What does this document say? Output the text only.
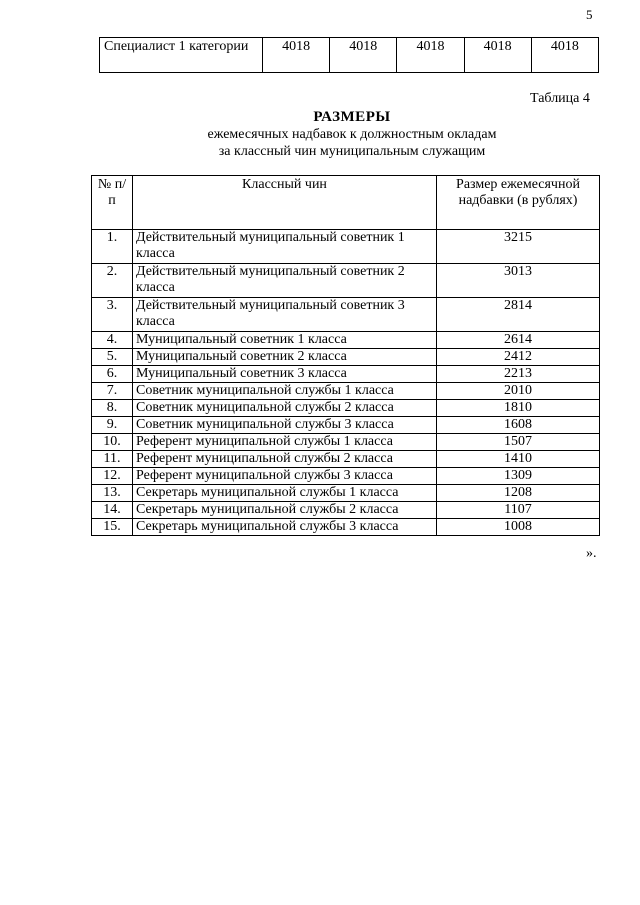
5
Специалист 1 категории	4018	4018	4018	4018	4018
Таблица 4
РАЗМЕРЫ
ежемесячных надбавок к должностным окладам
за классный чин муниципальным служащим
№ п/п	Классный чин	Размер ежемесячной надбавки (в рублях)
1.	Действительный муниципальный советник 1 класса	3215
2.	Действительный муниципальный советник 2 класса	3013
3.	Действительный муниципальный советник 3 класса	2814
4.	Муниципальный советник 1 класса	2614
5.	Муниципальный советник 2 класса	2412
6.	Муниципальный советник 3 класса	2213
7.	Советник муниципальной службы 1 класса	2010
8.	Советник муниципальной службы 2 класса	1810
9.	Советник муниципальной службы 3 класса	1608
10.	Референт муниципальной службы 1 класса	1507
11.	Референт муниципальной службы 2 класса	1410
12.	Референт муниципальной службы 3 класса	1309
13.	Секретарь муниципальной службы 1 класса	1208
14.	Секретарь муниципальной службы 2 класса	1107
15.	Секретарь муниципальной службы 3 класса	1008
».
